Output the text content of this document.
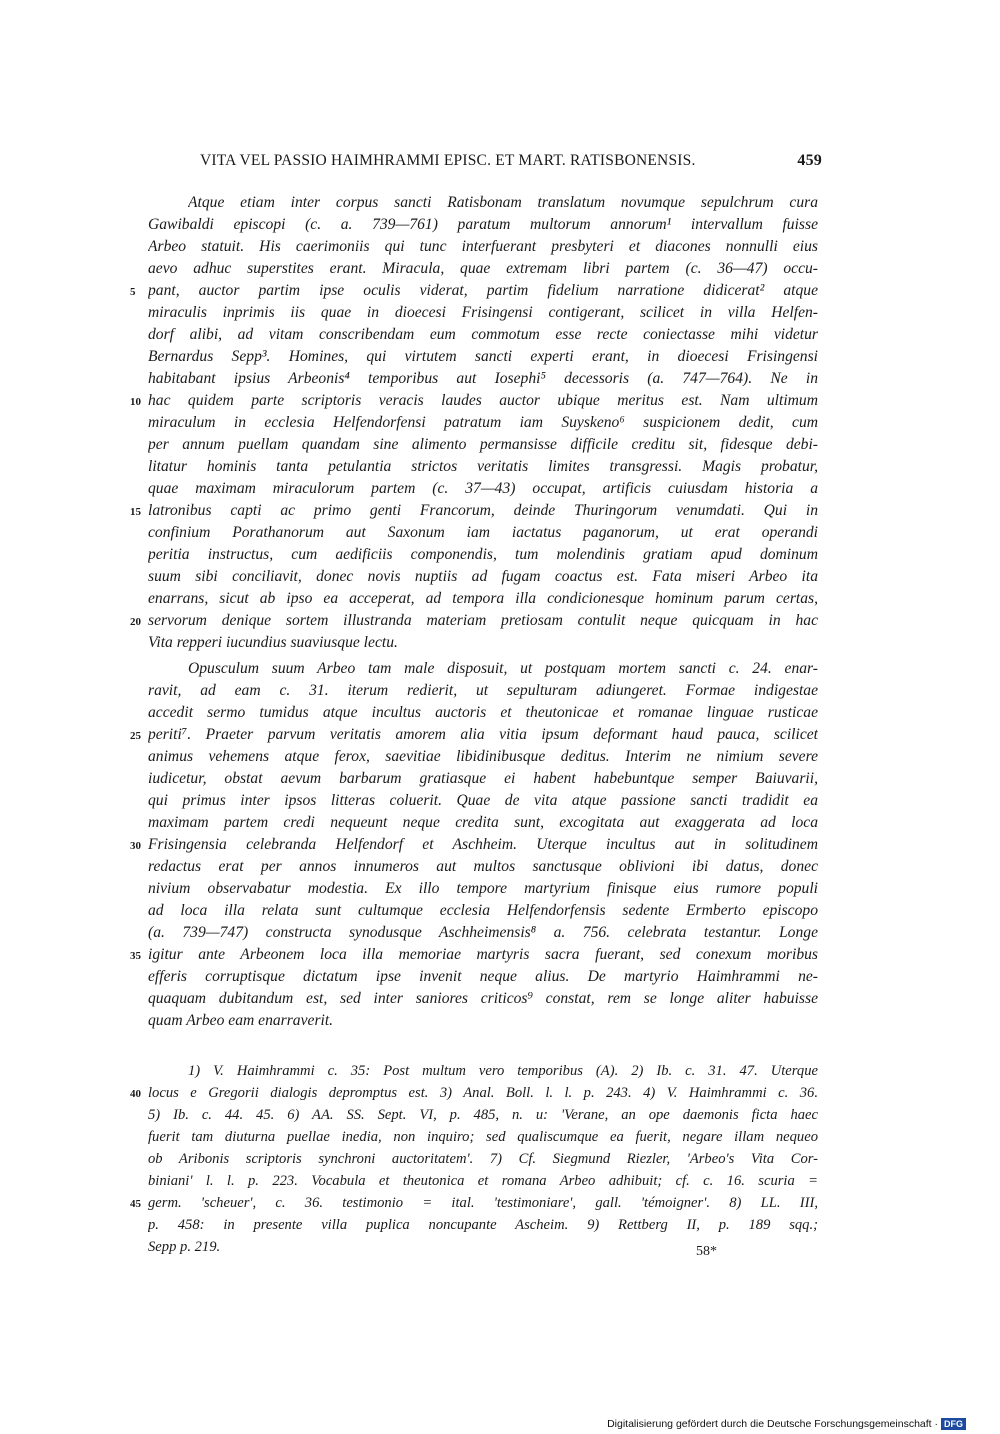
VITA VEL PASSIO HAIMHRAMMI EPISC. ET MART. RATISBONENSIS.	459
Atque etiam inter corpus sancti Ratisbonam translatum novumque sepulchrum cura
Gawibaldi episcopi (c. a. 739—761) paratum multorum annorum¹ intervallum fuisse
Arbeo statuit. His caerimoniis qui tunc interfuerant presbyteri et diacones nonnulli eius
aevo adhuc superstites erant. Miracula, quae extremam libri partem (c. 36—47) occu-
pant, auctor partim ipse oculis viderat, partim fidelium narratione didicerat² atque
miraculis inprimis iis quae in dioecesi Frisingensi contigerant, scilicet in villa Helfen-
dorf alibi, ad vitam conscribendam eum commotum esse recte coniectasse mihi videtur
Bernardus Sepp³. Homines, qui virtutem sancti experti erant, in dioecesi Frisingensi
habitabant ipsius Arbeonis⁴ temporibus aut Iosephi⁵ decessoris (a. 747—764). Ne in
hac quidem parte scriptoris veracis laudes auctor ubique meritus est. Nam ultimum
miraculum in ecclesia Helfendorfensi patratum iam Suyskeno⁶ suspicionem dedit, cum
per annum puellam quandam sine alimento permansisse difficile creditu sit, fidesque debi-
litatur hominis tanta petulantia strictos veritatis limites transgressi. Magis probatur,
quae maximam miraculorum partem (c. 37—43) occupat, artificis cuiusdam historia a
latronibus capti ac primo genti Francorum, deinde Thuringorum venumdati. Qui in
confinium Porathanorum aut Saxonum iam iactatus paganorum, ut erat operandi
peritia instructus, cum aedificiis componendis, tum molendinis gratiam apud dominum
suum sibi conciliavit, donec novis nuptiis ad fugam coactus est. Fata miseri Arbeo ita
enarrans, sicut ab ipso ea acceperat, ad tempora illa condicionesque hominum parum certas,
servorum denique sortem illustranda materiam pretiosam contulit neque quicquam in hac
Vita repperi iucundius suaviusque lectu.
Opusculum suum Arbeo tam male disposuit, ut postquam mortem sancti c. 24. enar-
ravit, ad eam c. 31. iterum redierit, ut sepulturam adiungeret. Formae indigestae
accedit sermo tumidus atque incultus auctoris et theutonicae et romanae linguae rusticae
periti⁷. Praeter parvum veritatis amorem alia vitia ipsum deformant haud pauca, scilicet
animus vehemens atque ferox, saevitiae libidinibusque deditus. Interim ne nimium severe
iudicetur, obstat aevum barbarum gratiasque ei habent habebuntque semper Baiuvarii,
qui primus inter ipsos litteras coluerit. Quae de vita atque passione sancti tradidit ea
maximam partem credi nequeunt neque credita sunt, excogitata aut exaggerata ad loca
Frisingensia celebranda Helfendorf et Aschheim. Uterque incultus aut in solitudinem
redactus erat per annos innumeros aut multos sanctusque oblivioni ibi datus, donec
nivium observabatur modestia. Ex illo tempore martyrium finisque eius rumore populi
ad loca illa relata sunt cultumque ecclesia Helfendorfensis sedente Ermberto episcopo
(a. 739—747) constructa synodusque Aschheimensis⁸ a. 756. celebrata testantur. Longe
igitur ante Arbeonem loca illa memoriae martyris sacra fuerant, sed conexum moribus
efferis corruptisque dictatum ipse invenit neque alius. De martyrio Haimhrammi ne-
quaquam dubitandum est, sed inter saniores criticos⁹ constat, rem se longe aliter habuisse
quam Arbeo eam enarraverit.
5
10
15
20
25
30
35
40
45
1) V. Haimhrammi c. 35: Post multum vero temporibus (A). 2) Ib. c. 31. 47. Uterque
locus e Gregorii dialogis depromptus est. 3) Anal. Boll. l. l. p. 243. 4) V. Haimhrammi c. 36.
5) Ib. c. 44. 45. 6) AA. SS. Sept. VI, p. 485, n. u: 'Verane, an ope daemonis ficta haec
fuerit tam diuturna puellae inedia, non inquiro; sed qualiscumque ea fuerit, negare illam nequeo
ob Aribonis scriptoris synchroni auctoritatem'. 7) Cf. Siegmund Riezler, 'Arbeo's Vita Cor-
biniani' l. l. p. 223. Vocabula et theutonica et romana Arbeo adhibuit; cf. c. 16. scuria =
germ. 'scheuer', c. 36. testimonio = ital. 'testimoniare', gall. 'témoigner'. 8) LL. III,
p. 458: in presente villa puplica noncupante Ascheim. 9) Rettberg II, p. 189 sqq.;
Sepp p. 219.	58*
Digitalisierung gefördert durch die Deutsche Forschungsgemeinschaft · DFG
